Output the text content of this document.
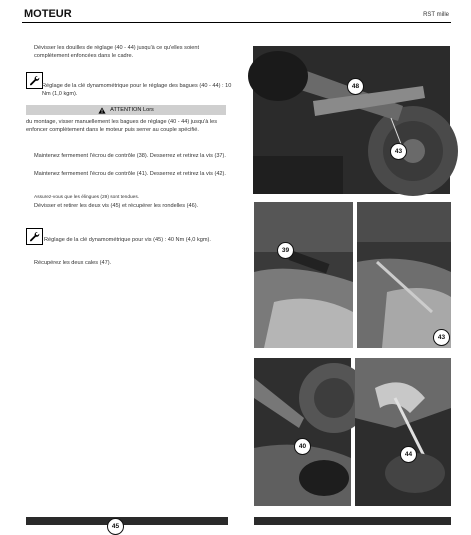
MOTEUR	RST mille
Dévisser les douilles de réglage (40 - 44) jusqu'à ce qu'elles soient complètement enfoncées dans le cadre.
Réglage de la clé dynamométrique pour le réglage des bagues (40 - 44) : 10 Nm (1,0 kgm).
ATTENTION Lors
du montage, visser manuellement les bagues de réglage (40 - 44) jusqu'à les enfoncer complètement dans le moteur puis serrer au couple spécifié.
Maintenez fermement l'écrou de contrôle (38). Desserrez et retirez la vis (37).
Maintenez fermement l'écrou de contrôle (41). Desserrez et retirez la vis (42).
Assurez-vous que les élingues (29) sont tendues.
Dévisser et retirer les deux vis (45) et récupérer les rondelles (46).
Réglage de la clé dynamométrique pour vis (45) : 40 Nm (4,0 kgm).
Récupérez les deux cales (47).
48
43
39
43
40
44
45
